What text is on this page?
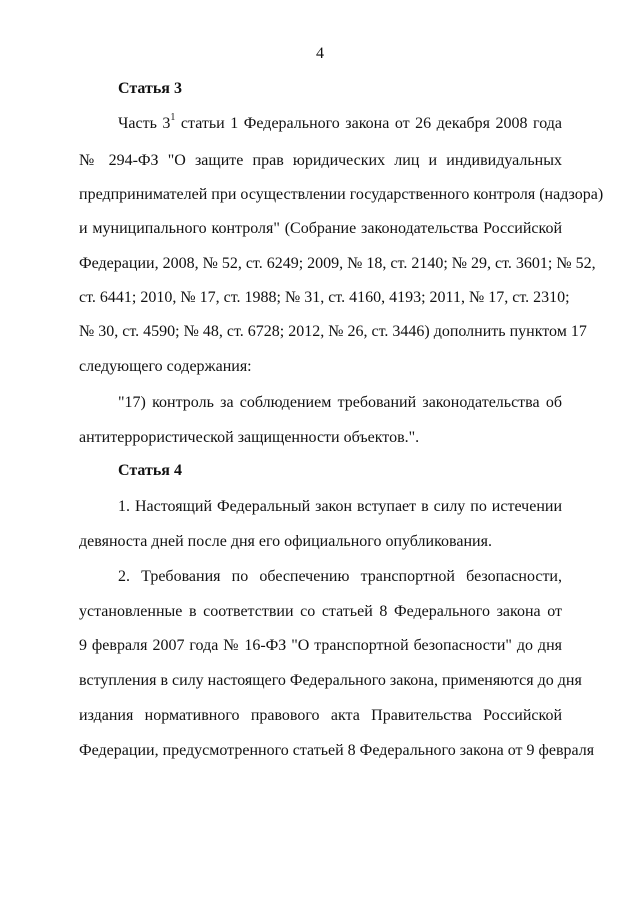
4
Статья 3
Часть $3^1$ статьи 1 Федерального закона от 26 декабря 2008 года
№ 294-ФЗ "О защите прав юридических лиц и индивидуальных
предпринимателей при осуществлении государственного контроля (надзора)
и муниципального контроля" (Собрание законодательства Российской
Федерации, 2008, № 52, ст. 6249; 2009, № 18, ст. 2140; № 29, ст. 3601; № 52,
ст. 6441; 2010, № 17, ст. 1988; № 31, ст. 4160, 4193; 2011, № 17, ст. 2310;
№ 30, ст. 4590; № 48, ст. 6728; 2012, № 26, ст. 3446) дополнить пунктом 17
следующего содержания:
"17) контроль за соблюдением требований законодательства об
антитеррористической защищенности объектов.".
Статья 4
1. Настоящий Федеральный закон вступает в силу по истечении
девяноста дней после дня его официального опубликования.
2. Требования по обеспечению транспортной безопасности,
установленные в соответствии со статьей 8 Федерального закона от
9 февраля 2007 года № 16-ФЗ "О транспортной безопасности" до дня
вступления в силу настоящего Федерального закона, применяются до дня
издания нормативного правового акта Правительства Российской
Федерации, предусмотренного статьей 8 Федерального закона от 9 февраля
